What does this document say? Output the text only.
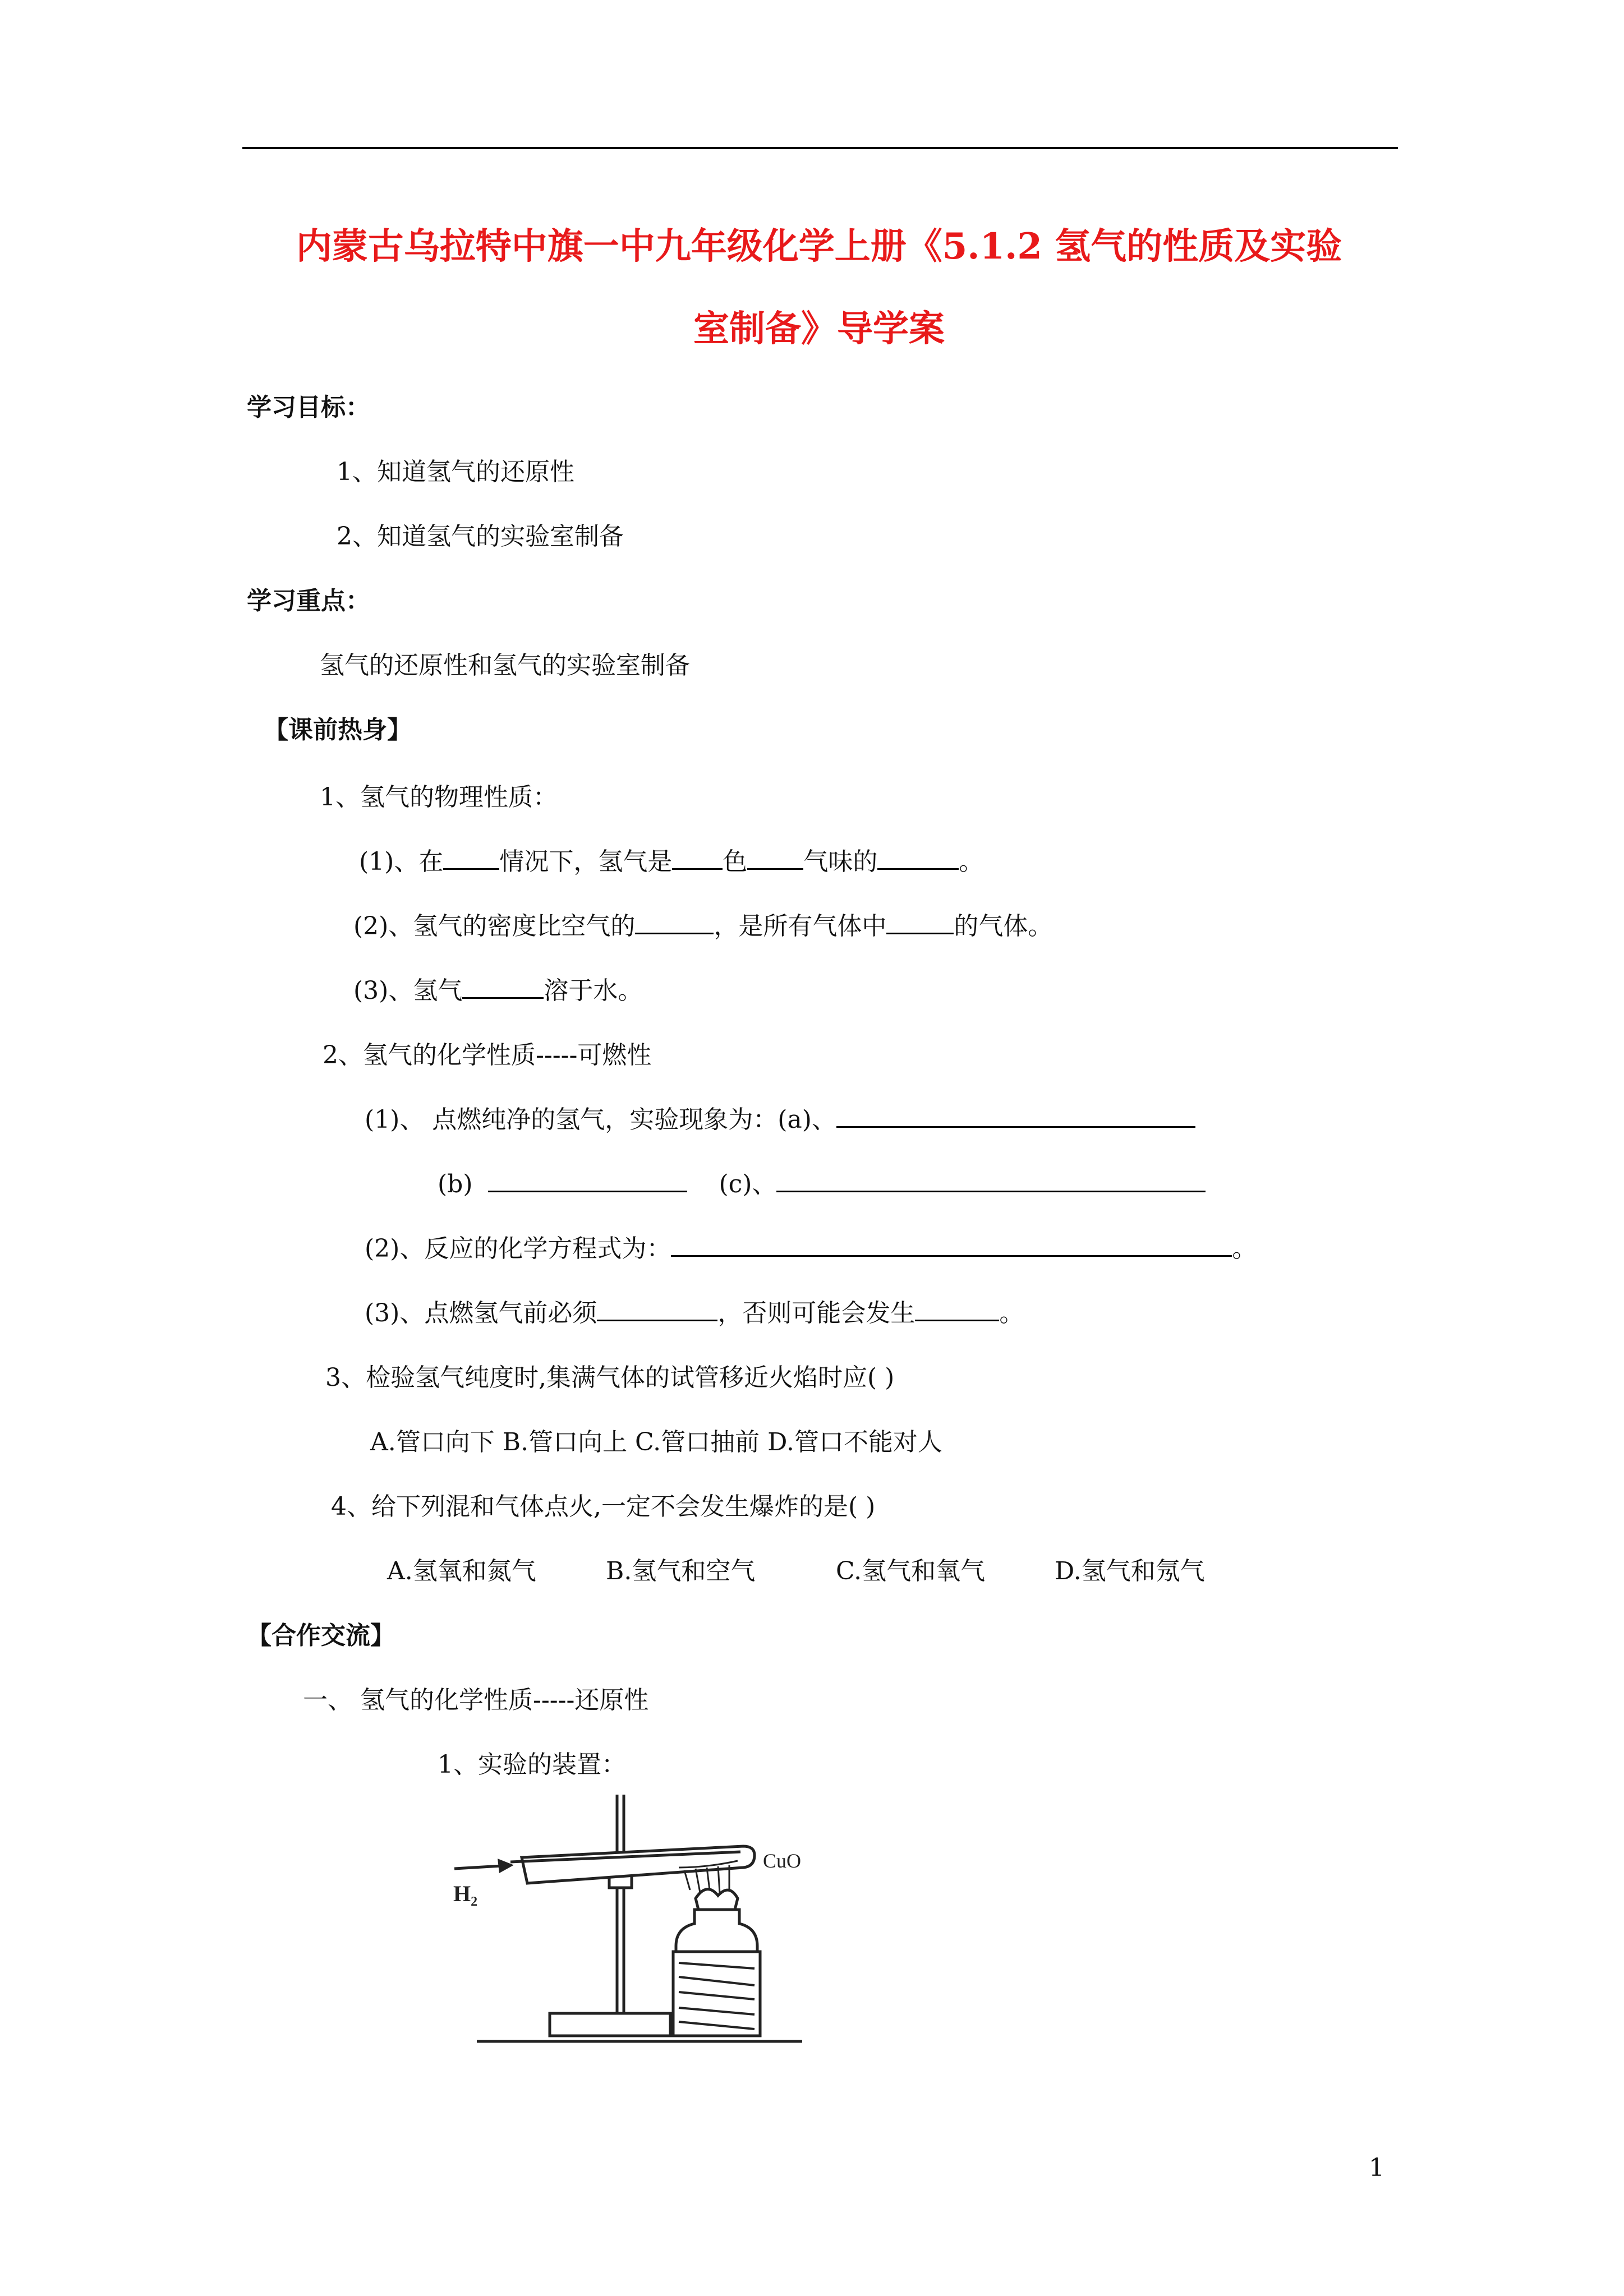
内蒙古乌拉特中旗一中九年级化学上册《5.1.2 氢气的性质及实验
室制备》导学案
学习目标：
1、知道氢气的还原性
2、知道氢气的实验室制备
学习重点：
氢气的还原性和氢气的实验室制备
【课前热身】
1、氢气的物理性质：
(1)、在 情况下，氢气是 色 气味的	。
(2)、氢气的密度比空气的	，是所有气体中	的气体。
(3)、氢气	溶于水。
2、氢气的化学性质-----可燃性
(1)、 点燃纯净的氢气，实验现象为：(a)、
(b)	(c)、
(2)、反应的化学方程式为：	。
(3)、点燃氢气前必须	，否则可能会发生	。
3、检验氢气纯度时,集满气体的试管移近火焰时应( )
A.管口向下 B.管口向上 C.管口抽前 D.管口不能对人
4、给下列混和气体点火,一定不会发生爆炸的是( )
A.氢氧和氮气	B.氢气和空气	C.氢气和氧气	D.氢气和氖气
【合作交流】
一、 氢气的化学性质-----还原性
1、实验的装置：
H₂
CuO
1
